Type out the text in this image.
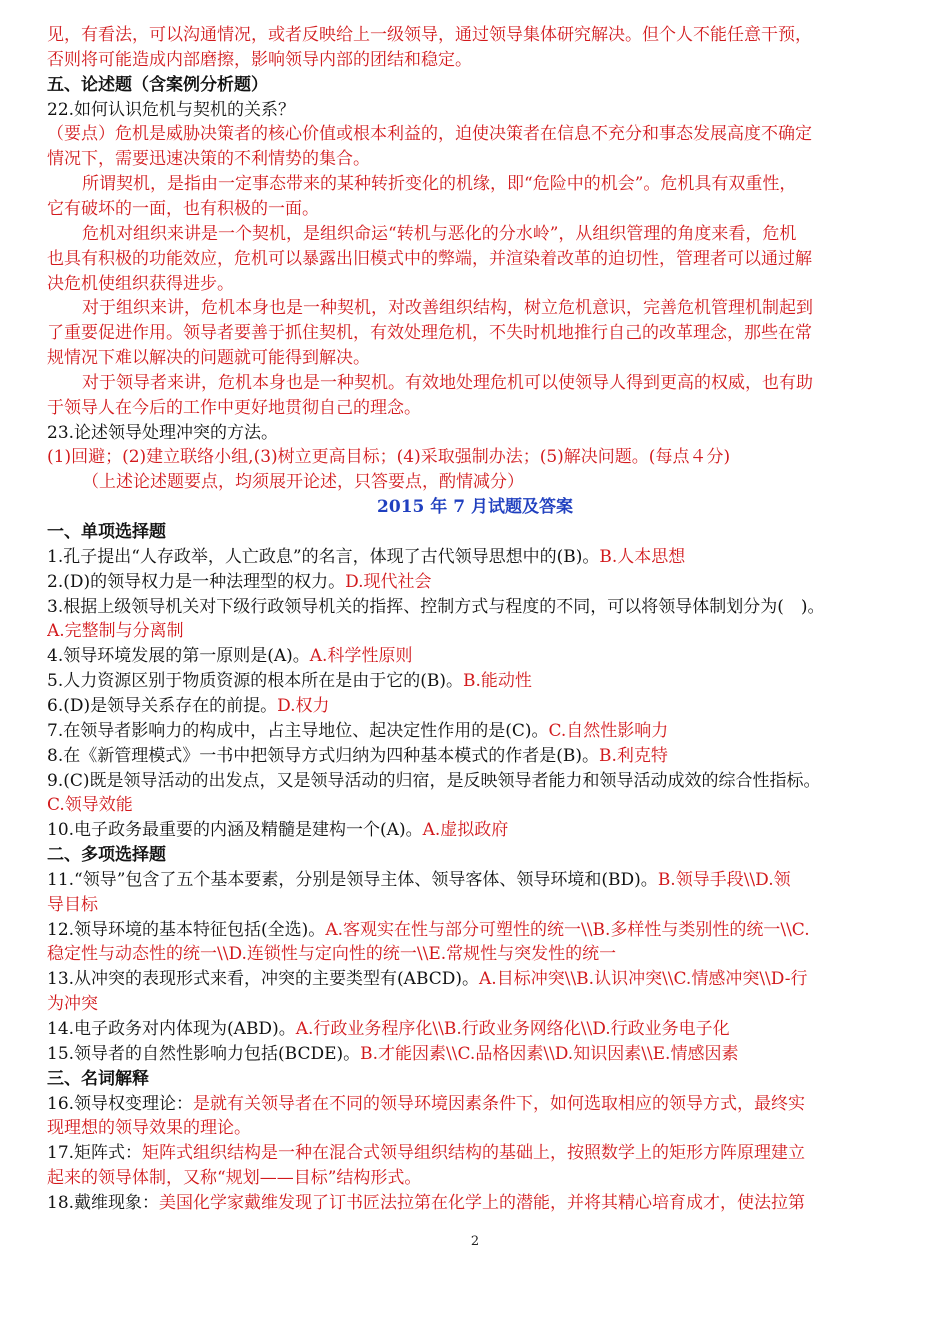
见，有看法，可以沟通情况，或者反映给上一级领导，通过领导集体研究解决。但个人不能任意干预，
否则将可能造成内部磨擦，影响领导内部的团结和稳定。
五、论述题（含案例分析题）
22.如何认识危机与契机的关系？
（要点）危机是威胁决策者的核心价值或根本利益的，迫使决策者在信息不充分和事态发展高度不确定
情况下，需要迅速决策的不利情势的集合。
所谓契机，是指由一定事态带来的某种转折变化的机缘，即“危险中的机会”。危机具有双重性，
它有破坏的一面，也有积极的一面。
危机对组织来讲是一个契机，是组织命运“转机与恶化的分水岭”，从组织管理的角度来看，危机
也具有积极的功能效应，危机可以暴露出旧模式中的弊端，并渲染着改革的迫切性，管理者可以通过解
决危机使组织获得进步。
对于组织来讲，危机本身也是一种契机，对改善组织结构，树立危机意识，完善危机管理机制起到
了重要促进作用。领导者要善于抓住契机，有效处理危机，不失时机地推行自己的改革理念，那些在常
规情况下难以解决的问题就可能得到解决。
对于领导者来讲，危机本身也是一种契机。有效地处理危机可以使领导人得到更高的权威，也有助
于领导人在今后的工作中更好地贯彻自己的理念。
23.论述领导处理冲突的方法。
(1)回避；(2)建立联络小组,(3)树立更高目标；(4)采取强制办法；(5)解决问题。(每点４分)
（上述论述题要点，均须展开论述，只答要点，酌情减分）
2015 年 7 月试题及答案
一、单项选择题
1.孔子提出“人存政举，人亡政息”的名言，体现了古代领导思想中的(B)。B.人本思想
2.(D)的领导权力是一种法理型的权力。D.现代社会
3.根据上级领导机关对下级行政领导机关的指挥、控制方式与程度的不同，可以将领导体制划分为(　)。
A.完整制与分离制
4.领导环境发展的第一原则是(A)。A.科学性原则
5.人力资源区别于物质资源的根本所在是由于它的(B)。B.能动性
6.(D)是领导关系存在的前提。D.权力
7.在领导者影响力的构成中，占主导地位、起决定性作用的是(C)。C.自然性影响力
8.在《新管理模式》一书中把领导方式归纳为四种基本模式的作者是(B)。B.利克特
9.(C)既是领导活动的出发点，又是领导活动的归宿，是反映领导者能力和领导活动成效的综合性指标。
C.领导效能
10.电子政务最重要的内涵及精髓是建构一个(A)。A.虚拟政府
二、多项选择题
11.“领导”包含了五个基本要素，分别是领导主体、领导客体、领导环境和(BD)。B.领导手段\\D.领
导目标
12.领导环境的基本特征包括(全选)。A.客观实在性与部分可塑性的统一\\B.多样性与类别性的统一\\C.
稳定性与动态性的统一\\D.连锁性与定向性的统一\\E.常规性与突发性的统一
13.从冲突的表现形式来看，冲突的主要类型有(ABCD)。A.目标冲突\\B.认识冲突\\C.情感冲突\\D-行
为冲突
14.电子政务对内体现为(ABD)。A.行政业务程序化\\B.行政业务网络化\\D.行政业务电子化
15.领导者的自然性影响力包括(BCDE)。B.才能因素\\C.品格因素\\D.知识因素\\E.情感因素
三、名词解释
16.领导权变理论：是就有关领导者在不同的领导环境因素条件下，如何选取相应的领导方式，最终实
现理想的领导效果的理论。
17.矩阵式：矩阵式组织结构是一种在混合式领导组织结构的基础上，按照数学上的矩形方阵原理建立
起来的领导体制，又称“规划——目标”结构形式。
18.戴维现象：美国化学家戴维发现了订书匠法拉第在化学上的潜能，并将其精心培育成才，使法拉第
2
